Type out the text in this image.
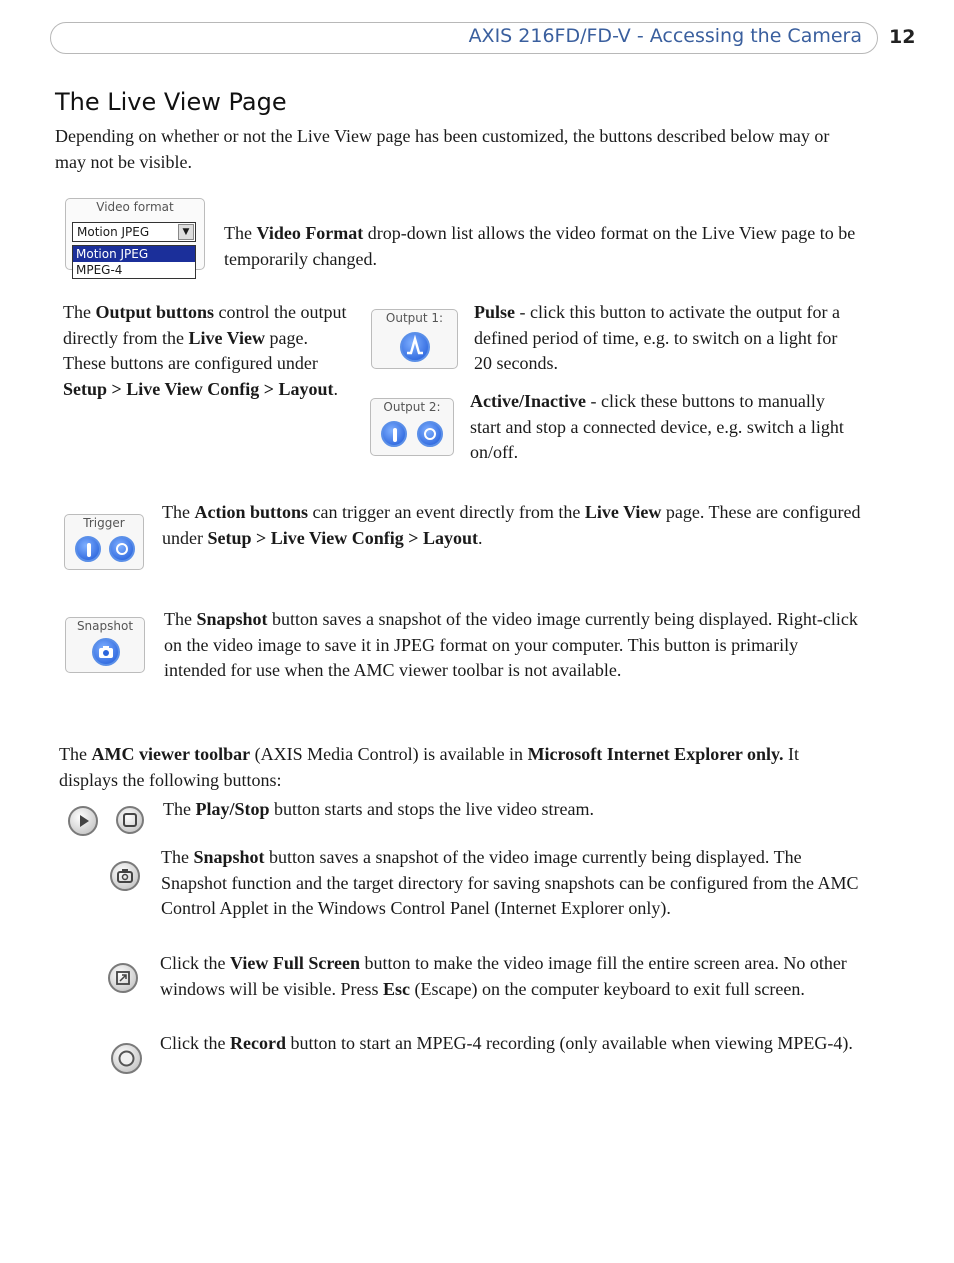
AXIS 216FD/FD-V - Accessing the Camera 12
The Live View Page
Depending on whether or not the Live View page has been customized, the buttons described below may or may not be visible.
Video format
Motion JPEG	▼
Motion JPEG
MPEG-4
The Video Format drop-down list allows the video format on the Live View page to be temporarily changed.
The Output buttons control the output directly from the Live View page. These buttons are configured under Setup > Live View Config > Layout.
Output 1:	Pulse - click this button to activate the output for a defined period of time, e.g. to switch on a light for 20 seconds.
Output 2:	Active/Inactive - click these buttons to manually start and stop a connected device, e.g. switch a light on/off.
Trigger
The Action buttons can trigger an event directly from the Live View page. These are configured under Setup > Live View Config > Layout.
Snapshot	The Snapshot button saves a snapshot of the video image currently being displayed. Right-click on the video image to save it in JPEG format on your computer. This button is primarily intended for use when the AMC viewer toolbar is not available.
The AMC viewer toolbar (AXIS Media Control) is available in Microsoft Internet Explorer only. It displays the following buttons:
The Play/Stop button starts and stops the live video stream.
The Snapshot button saves a snapshot of the video image currently being displayed. The Snapshot function and the target directory for saving snapshots can be configured from the AMC Control Applet in the Windows Control Panel (Internet Explorer only).
Click the View Full Screen button to make the video image fill the entire screen area. No other windows will be visible. Press Esc (Escape) on the computer keyboard to exit full screen.
Click the Record button to start an MPEG-4 recording (only available when viewing MPEG-4).
